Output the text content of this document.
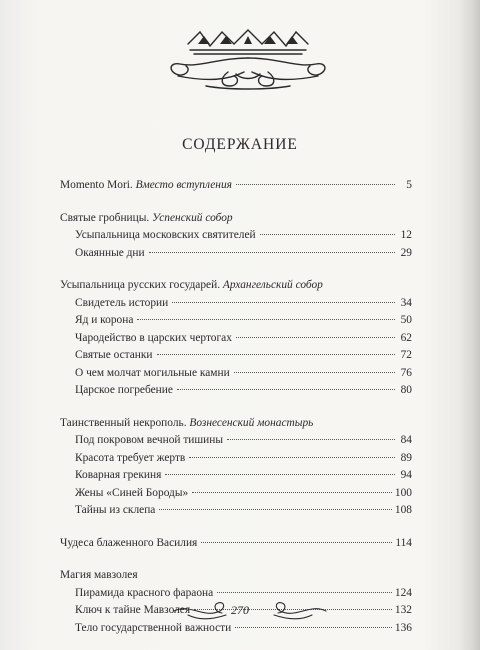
СОДЕРЖАНИЕ
Momento Mori. Вместо вступления	5
Святые гробницы. Успенский собор
Усыпальница московских святителей	12
Окаянные дни	29
Усыпальница русских государей. Архангельский собор
Свидетель истории	34
Яд и корона	50
Чародейство в царских чертогах	62
Святые останки	72
О чем молчат могильные камни	76
Царское погребение	80
Таинственный некрополь. Вознесенский монастырь
Под покровом вечной тишины	84
Красота требует жертв	89
Коварная грекиня	94
Жены «Синей Бороды»	100
Тайны из склепа	108
Чудеса блаженного Василия	114
Магия мавзолея
Пирамида красного фараона	124
Ключ к тайне Мавзолея	132
Тело государственной важности	136
270
